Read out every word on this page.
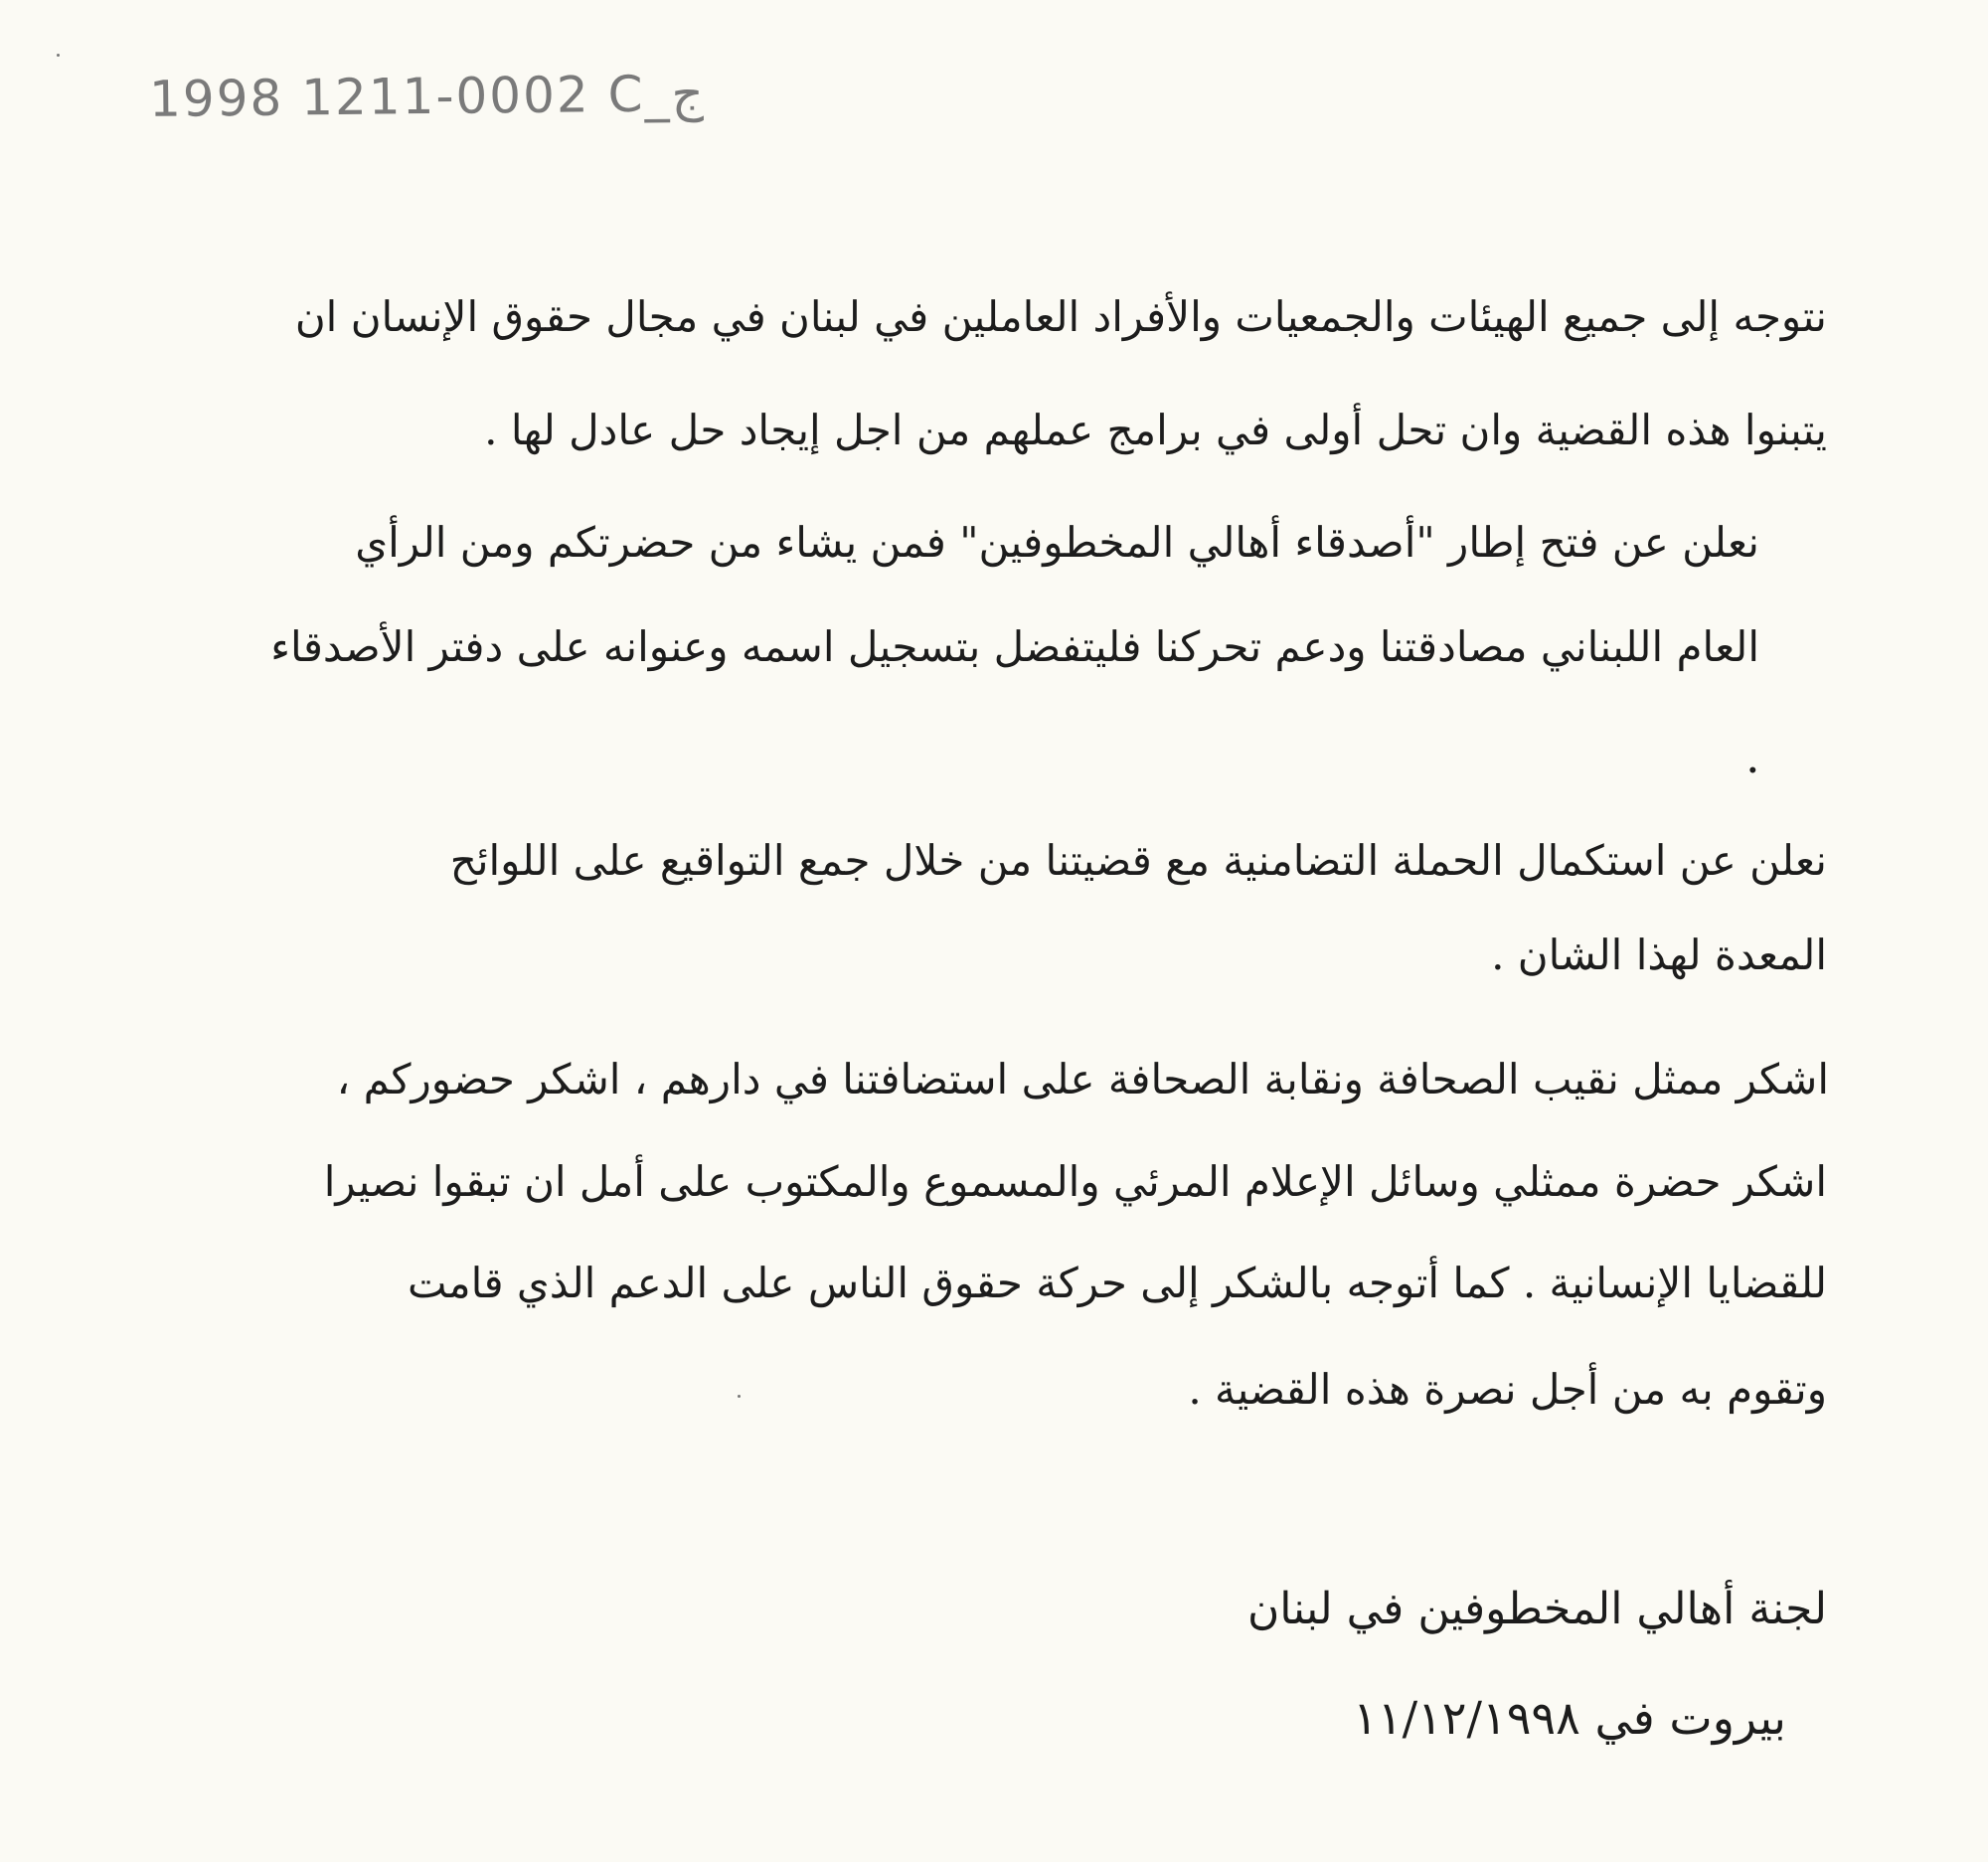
1998 1211-0002 C_ج
نتوجه إلى جميع الهيئات والجمعيات والأفراد العاملين في لبنان في مجال حقوق الإنسان ان
يتبنوا هذه القضية وان تحل أولى في برامج عملهم من اجل إيجاد حل عادل لها .
نعلن عن فتح إطار "أصدقاء أهالي المخطوفين" فمن يشاء من حضرتكم ومن الرأي
العام اللبناني مصادقتنا ودعم تحركنا فليتفضل بتسجيل اسمه وعنوانه على دفتر الأصدقاء
.
نعلن عن استكمال الحملة التضامنية مع قضيتنا من خلال جمع التواقيع على اللوائح
المعدة لهذا الشان .
اشكر ممثل نقيب الصحافة ونقابة الصحافة على استضافتنا في دارهم ، اشكر حضوركم ،
اشكر حضرة ممثلي وسائل الإعلام المرئي والمسموع والمكتوب على أمل ان تبقوا نصيرا
للقضايا الإنسانية . كما أتوجه بالشكر إلى حركة حقوق الناس على الدعم الذي قامت
وتقوم به من أجل نصرة هذه القضية .
لجنة أهالي المخطوفين في لبنان
بيروت في ١١/١٢/١٩٩٨
